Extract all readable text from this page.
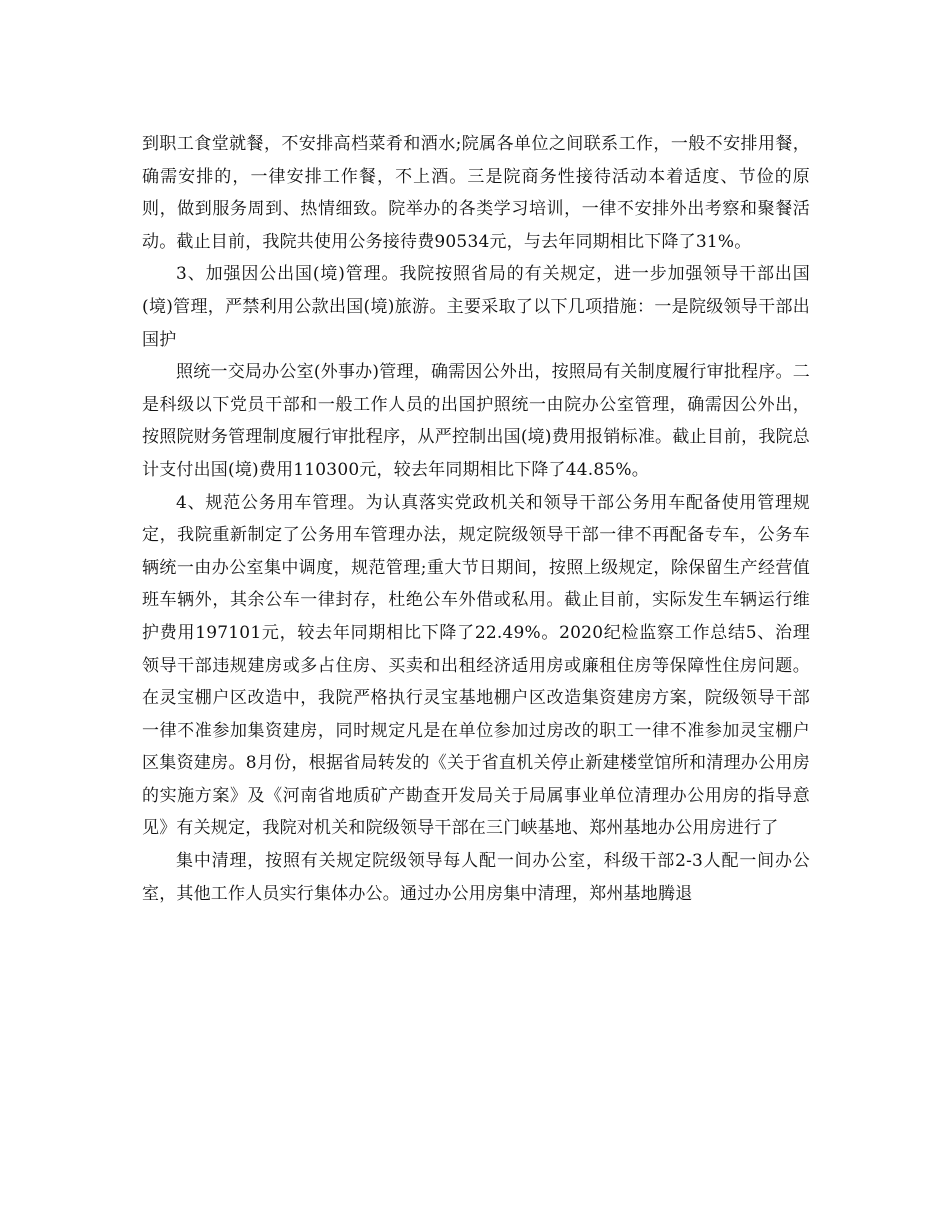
到职工食堂就餐，不安排高档菜肴和酒水;院属各单位之间联系工作，一般不安排用餐，确需安排的，一律安排工作餐，不上酒。三是院商务性接待活动本着适度、节俭的原则，做到服务周到、热情细致。院举办的各类学习培训，一律不安排外出考察和聚餐活动。截止目前，我院共使用公务接待费90534元，与去年同期相比下降了31%。

3、加强因公出国(境)管理。我院按照省局的有关规定，进一步加强领导干部出国(境)管理，严禁利用公款出国(境)旅游。主要采取了以下几项措施：一是院级领导干部出国护

照统一交局办公室(外事办)管理，确需因公外出，按照局有关制度履行审批程序。二是科级以下党员干部和一般工作人员的出国护照统一由院办公室管理，确需因公外出，按照院财务管理制度履行审批程序，从严控制出国(境)费用报销标准。截止目前，我院总计支付出国(境)费用110300元，较去年同期相比下降了44.85%。

4、规范公务用车管理。为认真落实党政机关和领导干部公务用车配备使用管理规定，我院重新制定了公务用车管理办法，规定院级领导干部一律不再配备专车，公务车辆统一由办公室集中调度，规范管理;重大节日期间，按照上级规定，除保留生产经营值班车辆外，其余公车一律封存，杜绝公车外借或私用。截止目前，实际发生车辆运行维护费用197101元，较去年同期相比下降了22.49%。2020纪检监察工作总结5、治理领导干部违规建房或多占住房、买卖和出租经济适用房或廉租住房等保障性住房问题。在灵宝棚户区改造中，我院严格执行灵宝基地棚户区改造集资建房方案，院级领导干部一律不准参加集资建房，同时规定凡是在单位参加过房改的职工一律不准参加灵宝棚户区集资建房。8月份，根据省局转发的《关于省直机关停止新建楼堂馆所和清理办公用房的实施方案》及《河南省地质矿产勘查开发局关于局属事业单位清理办公用房的指导意见》有关规定，我院对机关和院级领导干部在三门峡基地、郑州基地办公用房进行了

集中清理，按照有关规定院级领导每人配一间办公室，科级干部2-3人配一间办公室，其他工作人员实行集体办公。通过办公用房集中清理，郑州基地腾退
